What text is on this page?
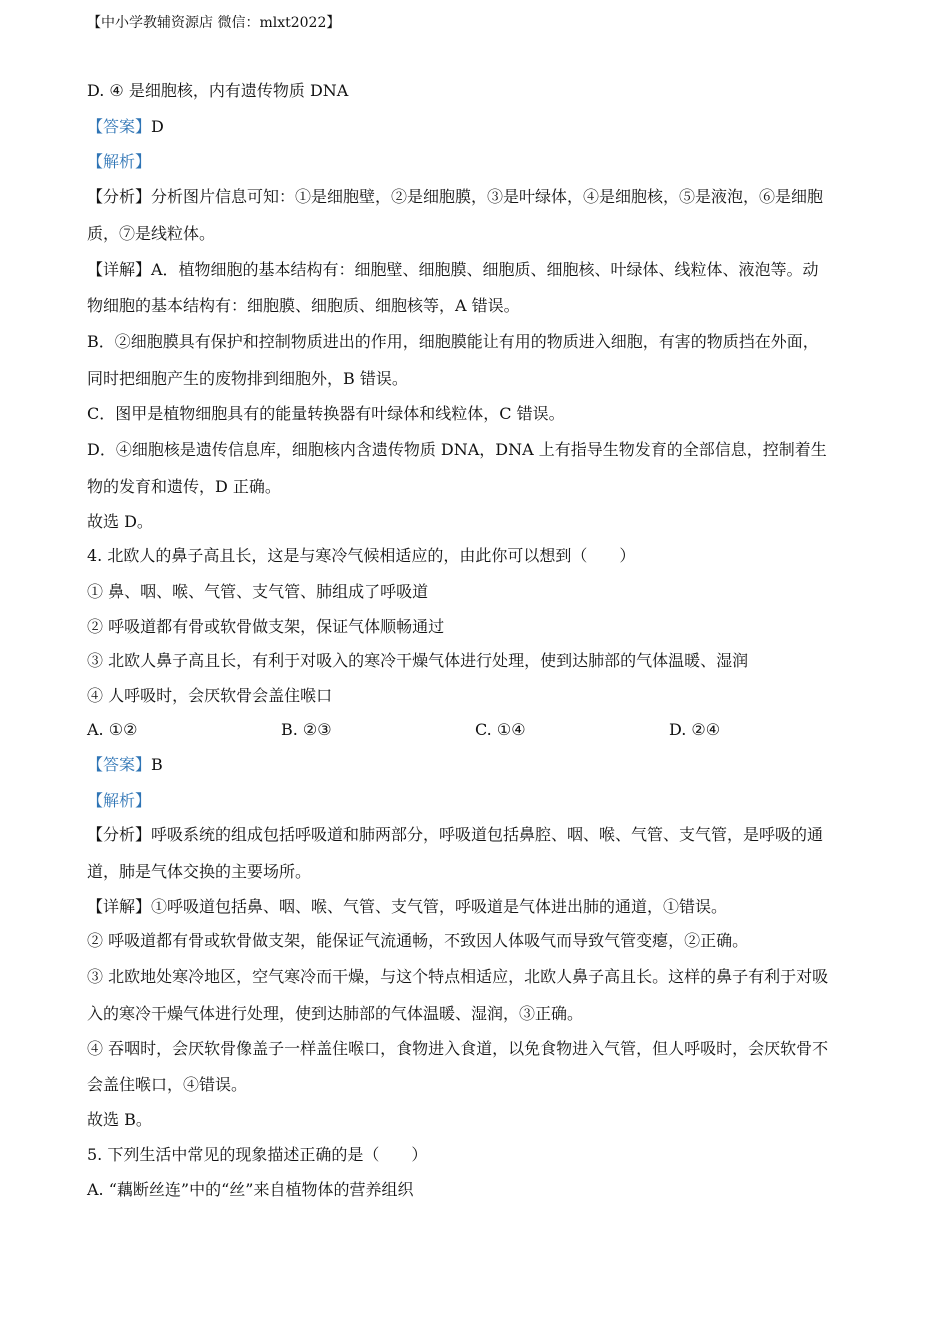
【中小学教辅资源店 微信：mlxt2022】
D. ④ 是细胞核，内有遗传物质 DNA
【答案】D
【解析】
【分析】分析图片信息可知：①是细胞壁，②是细胞膜，③是叶绿体，④是细胞核，⑤是液泡，⑥是细胞
质，⑦是线粒体。
【详解】A．植物细胞的基本结构有：细胞壁、细胞膜、细胞质、细胞核、叶绿体、线粒体、液泡等。动
物细胞的基本结构有：细胞膜、细胞质、细胞核等，A 错误。
B．②细胞膜具有保护和控制物质进出的作用，细胞膜能让有用的物质进入细胞，有害的物质挡在外面，
同时把细胞产生的废物排到细胞外，B 错误。
C．图甲是植物细胞具有的能量转换器有叶绿体和线粒体，C 错误。
D．④细胞核是遗传信息库，细胞核内含遗传物质 DNA，DNA 上有指导生物发育的全部信息，控制着生
物的发育和遗传，D 正确。
故选 D。
4. 北欧人的鼻子高且长，这是与寒冷气候相适应的，由此你可以想到（　　）
① 鼻、咽、喉、气管、支气管、肺组成了呼吸道
② 呼吸道都有骨或软骨做支架，保证气体顺畅通过
③ 北欧人鼻子高且长，有利于对吸入的寒冷干燥气体进行处理，使到达肺部的气体温暖、湿润
④ 人呼吸时，会厌软骨会盖住喉口
A. ①②	B. ②③	C. ①④	D. ②④
【答案】B
【解析】
【分析】呼吸系统的组成包括呼吸道和肺两部分，呼吸道包括鼻腔、咽、喉、气管、支气管，是呼吸的通
道，肺是气体交换的主要场所。
【详解】①呼吸道包括鼻、咽、喉、气管、支气管，呼吸道是气体进出肺的通道，①错误。
② 呼吸道都有骨或软骨做支架，能保证气流通畅，不致因人体吸气而导致气管变瘪，②正确。
③ 北欧地处寒冷地区，空气寒冷而干燥，与这个特点相适应，北欧人鼻子高且长。这样的鼻子有利于对吸
入的寒冷干燥气体进行处理，使到达肺部的气体温暖、湿润，③正确。
④ 吞咽时，会厌软骨像盖子一样盖住喉口，食物进入食道，以免食物进入气管，但人呼吸时，会厌软骨不
会盖住喉口，④错误。
故选 B。
5. 下列生活中常见的现象描述正确的是（　　）
A. “藕断丝连”中的“丝”来自植物体的营养组织
